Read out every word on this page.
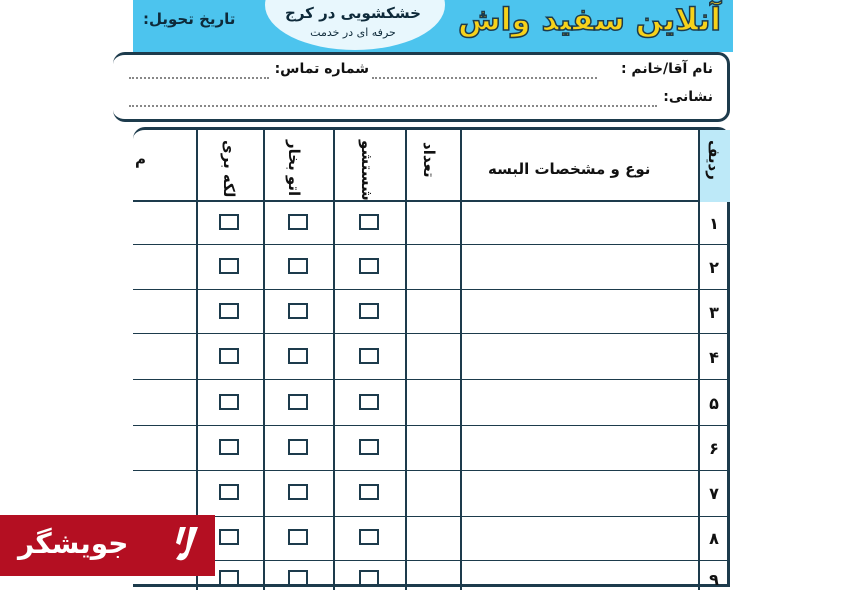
آنلاین سفید واش
خشکشویی در کرج
حرفه ای در خدمت
تاریخ تحویل:
نام آقا/خانم :
شماره تماس:
نشانی:
ردیف
نوع و مشخصات البسه
تعداد
شستشو
اتو بخار
لکه بری
م
۱
۲
۳
۴
۵
۶
۷
۸
۹
جویشگر
